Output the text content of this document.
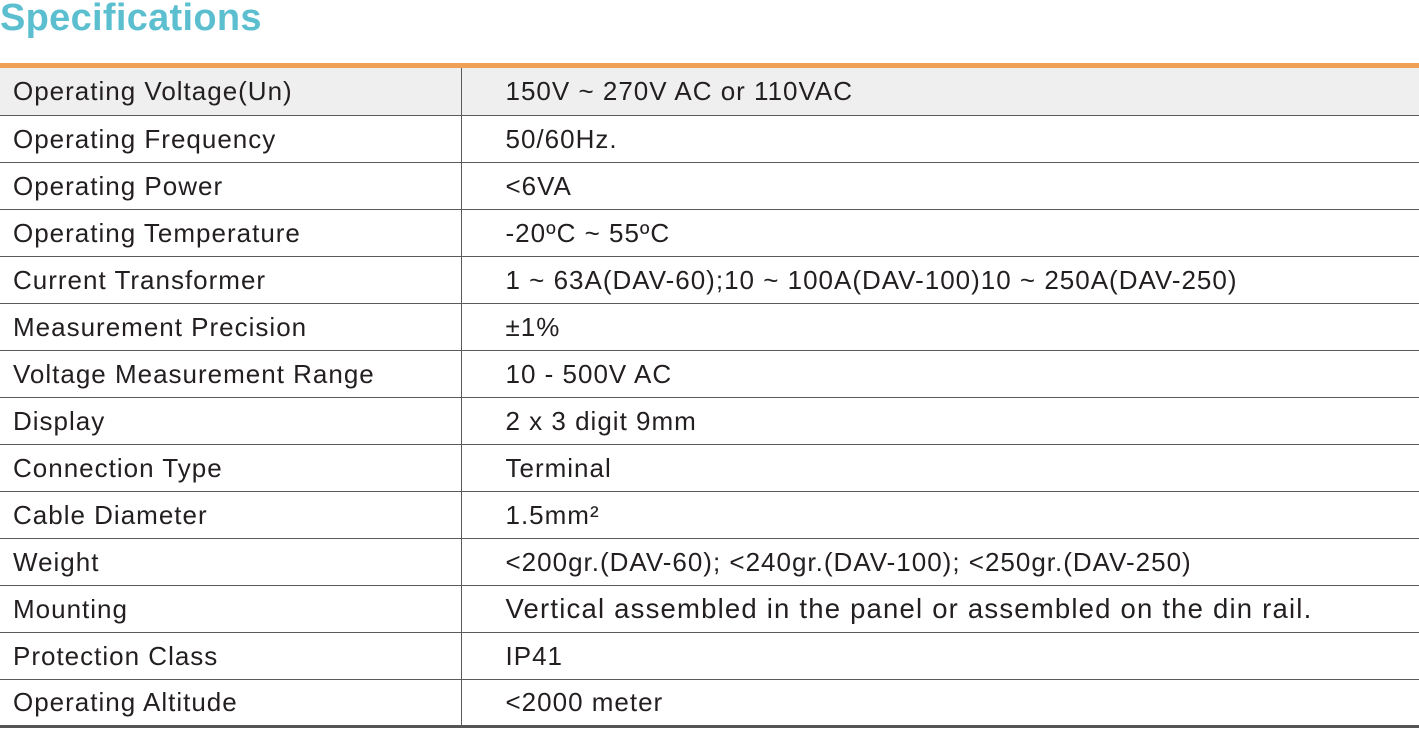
Specifications
Operating Voltage(Un)	150V ~ 270V AC or 110VAC
Operating Frequency	50/60Hz.
Operating Power	<6VA
Operating Temperature	-20ºC ~ 55ºC
Current Transformer	1 ~ 63A(DAV-60);10 ~ 100A(DAV-100)10 ~ 250A(DAV-250)
Measurement Precision	±1%
Voltage Measurement Range	10 - 500V AC
Display	2 x 3 digit 9mm
Connection Type	Terminal
Cable Diameter	1.5mm²
Weight	<200gr.(DAV-60); <240gr.(DAV-100); <250gr.(DAV-250)
Mounting	Vertical assembled in the panel or assembled on the din rail.
Protection Class	IP41
Operating Altitude	<2000 meter
